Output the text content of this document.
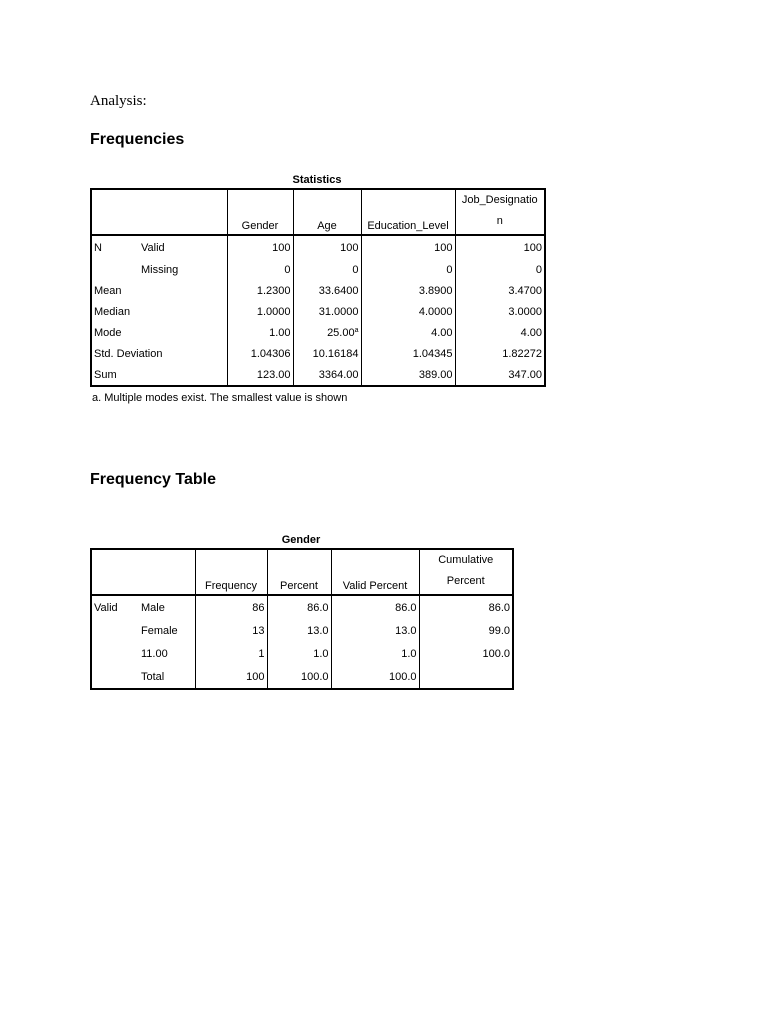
Analysis:
Frequencies
Statistics
		Gender	Age	Education_Level	Job_Designatio
n
N	Valid	100	100	100	100
	Missing	0	0	0	0
Mean		1.2300	33.6400	3.8900	3.4700
Median		1.0000	31.0000	4.0000	3.0000
Mode		1.00	25.00$^a$	4.00	4.00
Std. Deviation		1.04306	10.16184	1.04345	1.82272
Sum		123.00	3364.00	389.00	347.00
a. Multiple modes exist. The smallest value is shown
Frequency Table
Gender
		Frequency	Percent	Valid Percent	Cumulative
Percent
Valid	Male	86	86.0	86.0	86.0
	Female	13	13.0	13.0	99.0
	11.00	1	1.0	1.0	100.0
	Total	100	100.0	100.0	
